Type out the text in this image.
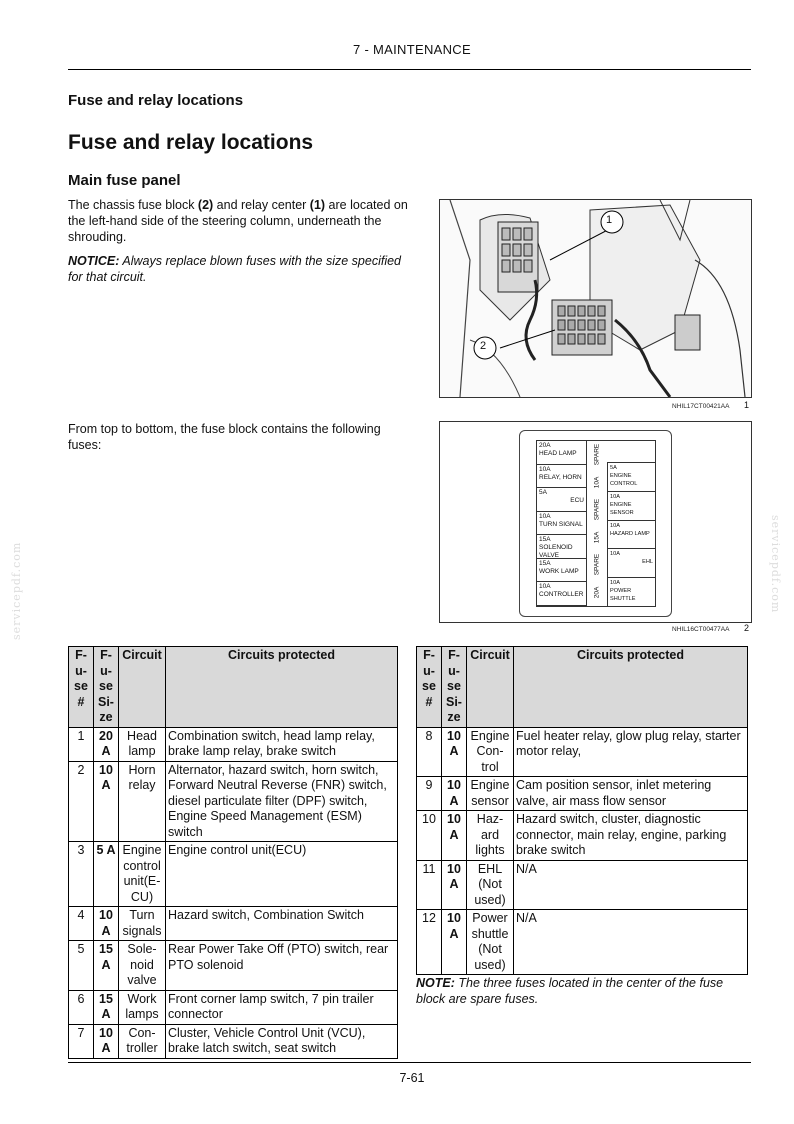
7 - MAINTENANCE
Fuse and relay locations
Fuse and relay locations
Main fuse panel
The chassis fuse block (2) and relay center (1) are located on the left-hand side of the steering column, underneath the shrouding.
NOTICE: Always replace blown fuses with the size specified for that circuit.
From top to bottom, the fuse block contains the following fuses:
1
2
NHIL17CT00421AA 1
20A
HEAD LAMP
10A
RELAY, HORN
5A
ECU
10A
TURN SIGNAL
15A
SOLENOID VALVE
15A
WORK LAMP
10A
CONTROLLER
SPARE
10A
SPARE
15A
SPARE
20A
5A
ENGINE CONTROL
10A
ENGINE SENSOR
10A
HAZARD LAMP
10A
EHL
10A
POWER SHUTTLE
NHIL16CT00477AA 2
F-u-se #	F-u-se Si-ze	Circuit	Circuits protected
1	20 A	Head lamp	Combination switch, head lamp relay, brake lamp relay, brake switch
2	10 A	Horn relay	Alternator, hazard switch, horn switch, Forward Neutral Reverse (FNR) switch, diesel particulate filter (DPF) switch, Engine Speed Management (ESM) switch
3	5 A	Engine control unit(E-CU)	Engine control unit(ECU)
4	10 A	Turn signals	Hazard switch, Combination Switch
5	15 A	Sole-noid valve	Rear Power Take Off (PTO) switch, rear PTO solenoid
6	15 A	Work lamps	Front corner lamp switch, 7 pin trailer connector
7	10 A	Con-troller	Cluster, Vehicle Control Unit (VCU), brake latch switch, seat switch
F-u-se #	F-u-se Si-ze	Circuit	Circuits protected
8	10 A	Engine Con-trol	Fuel heater relay, glow plug relay, starter motor relay,
9	10 A	Engine sensor	Cam position sensor, inlet metering valve, air mass flow sensor
10	10 A	Haz-ard lights	Hazard switch, cluster, diagnostic connector, main relay, engine, parking brake switch
11	10 A	EHL (Not used)	N/A
12	10 A	Power shuttle (Not used)	N/A
NOTE: The three fuses located in the center of the fuse block are spare fuses.
7-61
servicepdf.com	servicepdf.com
